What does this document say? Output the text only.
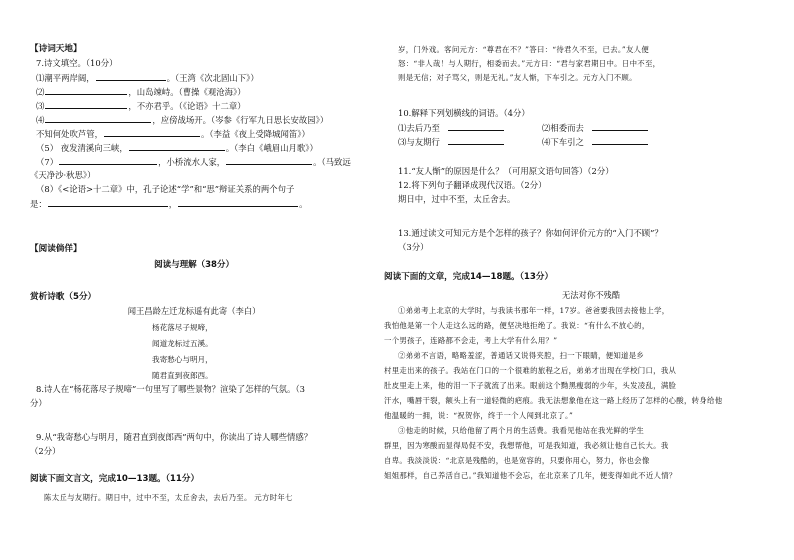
【诗词天地】
7.诗文填空。（10分）
⑴潮平两岸阔，	。（王湾《次北固山下》）
⑵	，山岛竦峙。（曹操《观沧海》）
⑶	，不亦君乎。（《论语》十二章）
⑷	，应傍战场开。（岑参《行军九日思长安故园》）
不知何处吹芦管，	。（李益《夜上受降城闻笛》）
（5） 夜发清溪向三峡，	。（李白《峨眉山月歌》）
（7）	，小桥流水人家，	。（马致远
《天净沙·秋思》）
（8）《<论语>十二章》中，孔子论述“学”和“思”辩证关系的两个句子
是：	，	。
【阅读倘佯】
阅读与理解（38分）
赏析诗歌（5分）
闻王昌龄左迁龙标遥有此寄（李白）
杨花落尽子规啼，
闻道龙标过五溪。
我寄愁心与明月，
随君直到夜郎西。
8.诗人在“杨花落尽子规啼”一句里写了哪些景物？渲染了怎样的气氛。（3
分）
9.从“我寄愁心与明月，随君直到夜郎西”两句中，你读出了诗人哪些情感？
（2分）
阅读下面文言文，完成10—13题。（11分）
陈太丘与友期行。期日中，过中不至，太丘舍去，去后乃至。 元方时年七
岁，门外戏。客问元方：“尊君在不？”答曰：“待君久不至，已去。”友人便
怒：“非人哉！与人期行，相委而去。”元方曰：“君与家君期日中。日中不至，
则是无信；对子骂父，则是无礼。”友人惭，下车引之。元方入门不顾。
10.解释下列划横线的词语。（4分）
⑴去后乃至	⑵相委而去
⑶与友期行	⑷下车引之
11.“友人惭”的原因是什么？（可用原文语句回答）（2分）
12.将下列句子翻译成现代汉语。（2分）
期日中，过中不至，太丘舍去。
13.通过读文可知元方是个怎样的孩子？你如何评价元方的“入门不顾”？
（3分）
阅读下面的文章，完成14—18题。（13分）
无法对你不残酷
①弟弟考上北京的大学时，与我读书那年一样，17岁。爸爸要我回去接他上学，
我怕他是第一个人走这么远的路，便坚决地拒绝了。我说：“有什么不放心的，
一个男孩子，连路都不会走，考上大学有什么用？”
②弟弟不言语，略略羞涩，普通话又说得夹腔，扫一下眼睛，便知道是乡
村里走出来的孩子。我站在门口的一个很难的旅程之后，弟弟才出现在学校门口，我从
肚皮里走上来，他的泪一下子就流了出来。眼前这个黝黑瘦弱的少年，头发凌乱，满脸
汗水，嘴唇干裂，额头上有一道轻微的疤痕。我无法想象他在这一路上经历了怎样的心酸，转身给他
他温暖的一拥，说：“祝贺你，终于一个人闯到北京了。”
③他走的时候，只给他留了两个月的生活费。我看见他站在我光鲜的学生
群里，因为寒酸而显得局促不安，我想帮他，可是我知道，我必须让他自己长大。我
自卑。我淡淡说：“北京是残酷的，也是宽容的，只要你用心，努力，你也会像
姐姐那样，自己养活自己。”我知道他不会忘，在北京来了几年，便变得如此不近人情？
